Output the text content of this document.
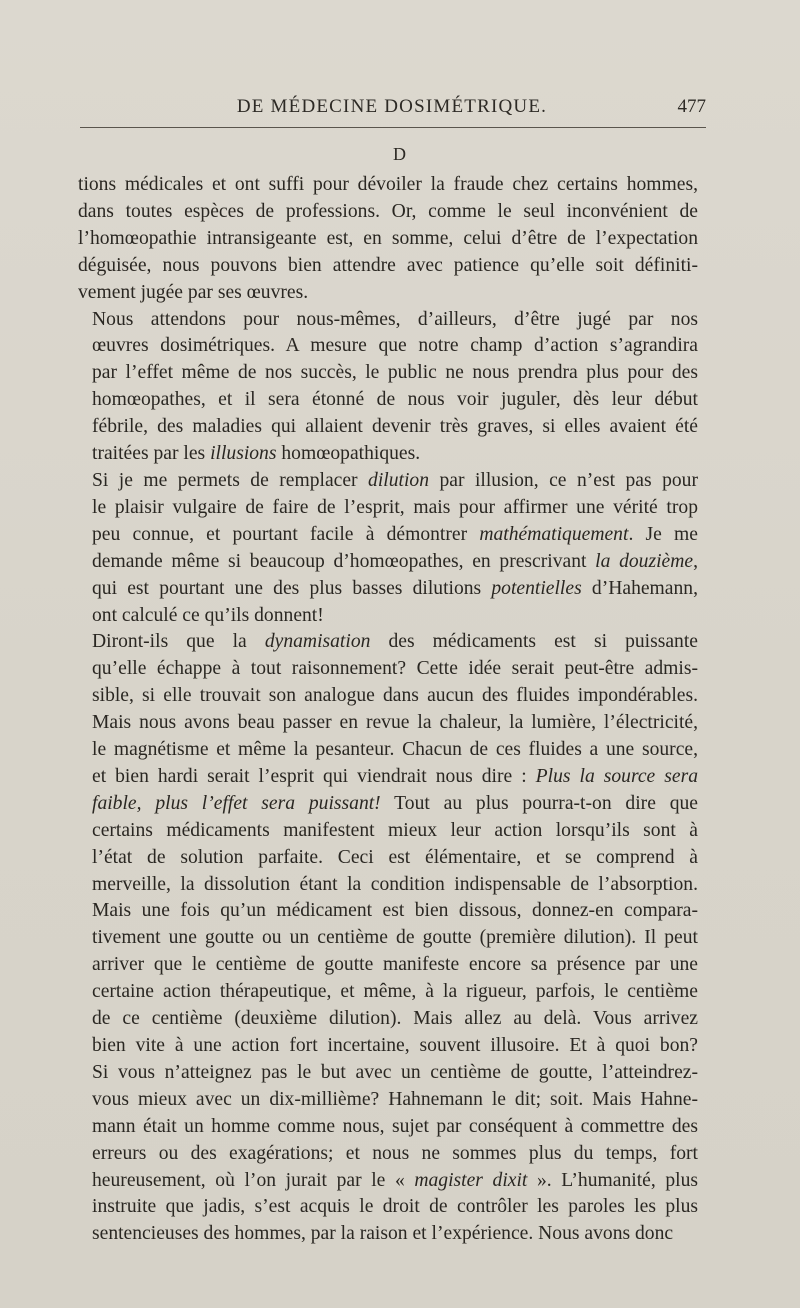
DE MÉDECINE DOSIMÉTRIQUE.	477
D

tions médicales et ont suffi pour dévoiler la fraude chez certains hommes,
dans toutes espèces de professions. Or, comme le seul inconvénient de
l’homœopathie intransigeante est, en somme, celui d’être de l’expectation
déguisée, nous pouvons bien attendre avec patience qu’elle soit définiti-
vement jugée par ses œuvres.

Nous attendons pour nous-mêmes, d’ailleurs, d’être jugé par nos
œuvres dosimétriques. A mesure que notre champ d’action s’agrandira
par l’effet même de nos succès, le public ne nous prendra plus pour des
homœopathes, et il sera étonné de nous voir juguler, dès leur début
fébrile, des maladies qui allaient devenir très graves, si elles avaient été
traitées par les illusions homœopathiques.

Si je me permets de remplacer dilution par illusion, ce n’est pas pour
le plaisir vulgaire de faire de l’esprit, mais pour affirmer une vérité trop
peu connue, et pourtant facile à démontrer mathématiquement. Je me
demande même si beaucoup d’homœopathes, en prescrivant la douzième,
qui est pourtant une des plus basses dilutions potentielles d’Hahemann,
ont calculé ce qu’ils donnent!

Diront-ils que la dynamisation des médicaments est si puissante
qu’elle échappe à tout raisonnement? Cette idée serait peut-être admis-
sible, si elle trouvait son analogue dans aucun des fluides impondérables.
Mais nous avons beau passer en revue la chaleur, la lumière, l’électricité,
le magnétisme et même la pesanteur. Chacun de ces fluides a une source,
et bien hardi serait l’esprit qui viendrait nous dire : Plus la source sera
faible, plus l’effet sera puissant! Tout au plus pourra-t-on dire que
certains médicaments manifestent mieux leur action lorsqu’ils sont à
l’état de solution parfaite. Ceci est élémentaire, et se comprend à
merveille, la dissolution étant la condition indispensable de l’absorption.
Mais une fois qu’un médicament est bien dissous, donnez-en compara-
tivement une goutte ou un centième de goutte (première dilution). Il peut
arriver que le centième de goutte manifeste encore sa présence par une
certaine action thérapeutique, et même, à la rigueur, parfois, le centième
de ce centième (deuxième dilution). Mais allez au delà. Vous arrivez
bien vite à une action fort incertaine, souvent illusoire. Et à quoi bon?
Si vous n’atteignez pas le but avec un centième de goutte, l’atteindrez-
vous mieux avec un dix-millième? Hahnemann le dit; soit. Mais Hahne-
mann était un homme comme nous, sujet par conséquent à commettre des
erreurs ou des exagérations; et nous ne sommes plus du temps, fort
heureusement, où l’on jurait par le « magister dixit ». L’humanité, plus
instruite que jadis, s’est acquis le droit de contrôler les paroles les plus
sentencieuses des hommes, par la raison et l’expérience. Nous avons donc
